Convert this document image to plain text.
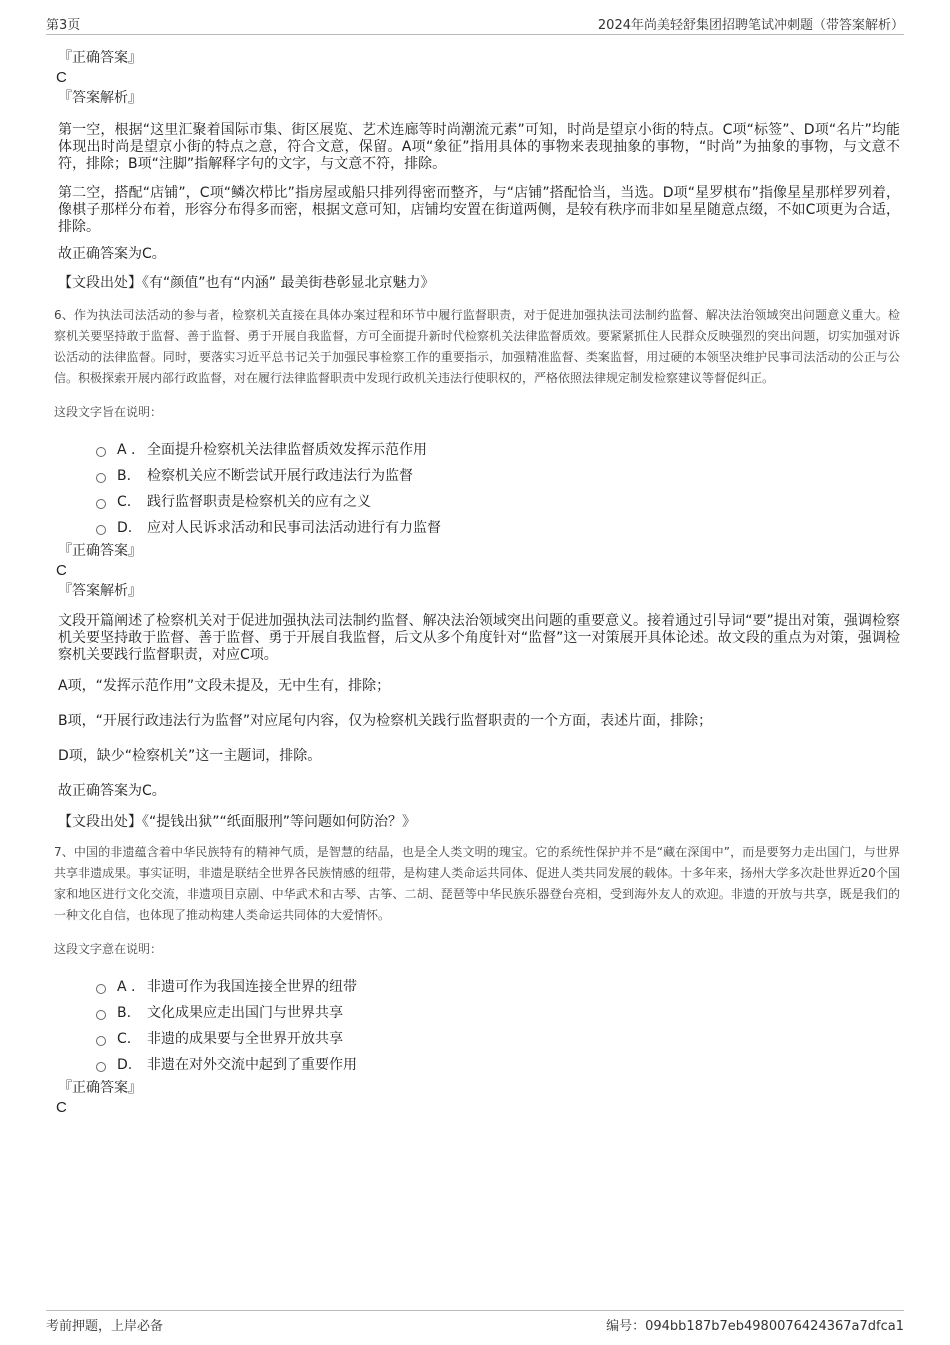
第3页	2024年尚美轻舒集团招聘笔试冲刺题（带答案解析）
『正确答案』
C
『答案解析』

第一空，根据“这里汇聚着国际市集、街区展览、艺术连廊等时尚潮流元素”可知，时尚是望京小街的特点。C项“标签”、D项“名片”均能体现出时尚是望京小街的特点之意，符合文意，保留。A项“象征”指用具体的事物来表现抽象的事物，“时尚”为抽象的事物，与文意不符，排除；B项“注脚”指解释字句的文字，与文意不符，排除。

第二空，搭配“店铺”，C项“鳞次栉比”指房屋或船只排列得密而整齐，与“店铺”搭配恰当，当选。D项“星罗棋布”指像星星那样罗列着，像棋子那样分布着，形容分布得多而密，根据文意可知，店铺均安置在街道两侧，是较有秩序而非如星星随意点缀，不如C项更为合适，排除。

故正确答案为C。

【文段出处】《有“颜值”也有“内涵” 最美街巷彰显北京魅力》

6、作为执法司法活动的参与者，检察机关直接在具体办案过程和环节中履行监督职责，对于促进加强执法司法制约监督、解决法治领域突出问题意义重大。检察机关要坚持敢于监督、善于监督、勇于开展自我监督，方可全面提升新时代检察机关法律监督质效。要紧紧抓住人民群众反映强烈的突出问题，切实加强对诉讼活动的法律监督。同时，要落实习近平总书记关于加强民事检察工作的重要指示，加强精准监督、类案监督，用过硬的本领坚决维护民事司法活动的公正与公信。积极探索开展内部行政监督，对在履行法律监督职责中发现行政机关违法行使职权的，严格依照法律规定制发检察建议等督促纠正。

这段文字旨在说明：
A . 全面提升检察机关法律监督质效发挥示范作用
B.	检察机关应不断尝试开展行政违法行为监督
C.	践行监督职责是检察机关的应有之义
D.	应对人民诉求活动和民事司法活动进行有力监督
『正确答案』
C
『答案解析』

文段开篇阐述了检察机关对于促进加强执法司法制约监督、解决法治领域突出问题的重要意义。接着通过引导词“要”提出对策，强调检察机关要坚持敢于监督、善于监督、勇于开展自我监督，后文从多个角度针对“监督”这一对策展开具体论述。故文段的重点为对策，强调检察机关要践行监督职责，对应C项。

A项，“发挥示范作用”文段未提及，无中生有，排除；

B项，“开展行政违法行为监督”对应尾句内容，仅为检察机关践行监督职责的一个方面，表述片面，排除；

D项，缺少“检察机关”这一主题词，排除。

故正确答案为C。

【文段出处】《“提钱出狱”“纸面服刑”等问题如何防治？》

7、中国的非遗蕴含着中华民族特有的精神气质，是智慧的结晶，也是全人类文明的瑰宝。它的系统性保护并不是“藏在深闺中”，而是要努力走出国门，与世界共享非遗成果。事实证明，非遗是联结全世界各民族情感的纽带，是构建人类命运共同体、促进人类共同发展的载体。十多年来，扬州大学多次赴世界近20个国家和地区进行文化交流，非遗项目京剧、中华武术和古琴、古筝、二胡、琵琶等中华民族乐器登台亮相，受到海外友人的欢迎。非遗的开放与共享，既是我们的一种文化自信，也体现了推动构建人类命运共同体的大爱情怀。

这段文字意在说明：
A . 非遗可作为我国连接全世界的纽带
B.	文化成果应走出国门与世界共享
C.	非遗的成果要与全世界开放共享
D.	非遗在对外交流中起到了重要作用
『正确答案』
C
考前押题，上岸必备	编号：094bb187b7eb4980076424367a7dfca1
